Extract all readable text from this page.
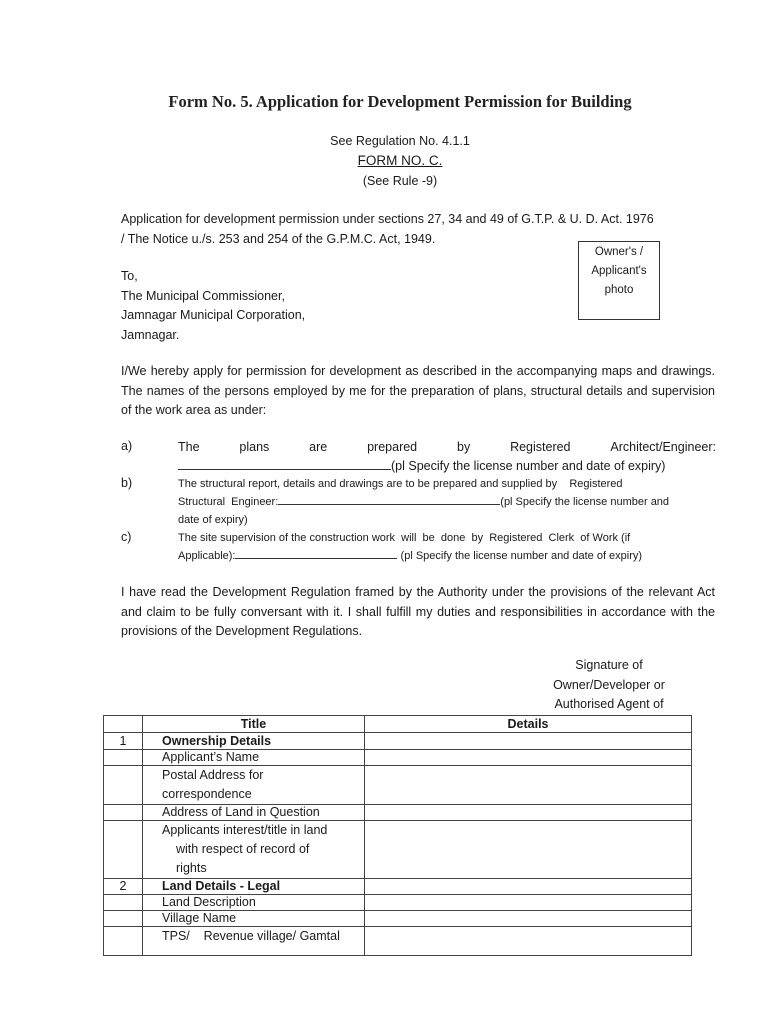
Form No. 5. Application for Development Permission for Building
See Regulation No. 4.1.1
FORM NO. C.
(See Rule -9)
Application for development permission under sections 27, 34 and 49 of G.T.P. & U. D. Act. 1976
/ The Notice u./s. 253 and 254 of the G.P.M.C. Act, 1949.
Owner's /
Applicant's
photo
To,
The Municipal Commissioner,
Jamnagar Municipal Corporation,
Jamnagar.
I/We hereby apply for permission for development as described in the accompanying maps and drawings. The names of the persons employed by me for the preparation of plans, structural details and supervision of the work area as under:
a)	The	plans	are	prepared	by	Registered	Architect/Engineer:
(pl Specify the license number and date of expiry)
b)	The structural report, details and drawings are to be prepared and supplied by    Registered
Structural  Engineer:	(pl Specify the license number and
date of expiry)
c)	The site supervision of the construction work  will  be  done  by  Registered  Clerk  of Work (if
Applicable):	(pl Specify the license number and date of expiry)
I have read the Development Regulation framed by the Authority under the provisions of the relevant Act and claim to be fully conversant with it. I shall fulfill my duties and responsibilities in accordance with the provisions of the Development Regulations.
Signature of
Owner/Developer or
Authorised Agent of
	Title	Details
1	Ownership Details	
	Applicant’s Name	
	Postal Address for correspondence	
	Address of Land in Question	

	Applicants interest/title in land
with respect of record of
rights	

2	Land Details - Legal	
	Land Description	
	Village Name	
	TPS/    Revenue village/ Gamtal	
